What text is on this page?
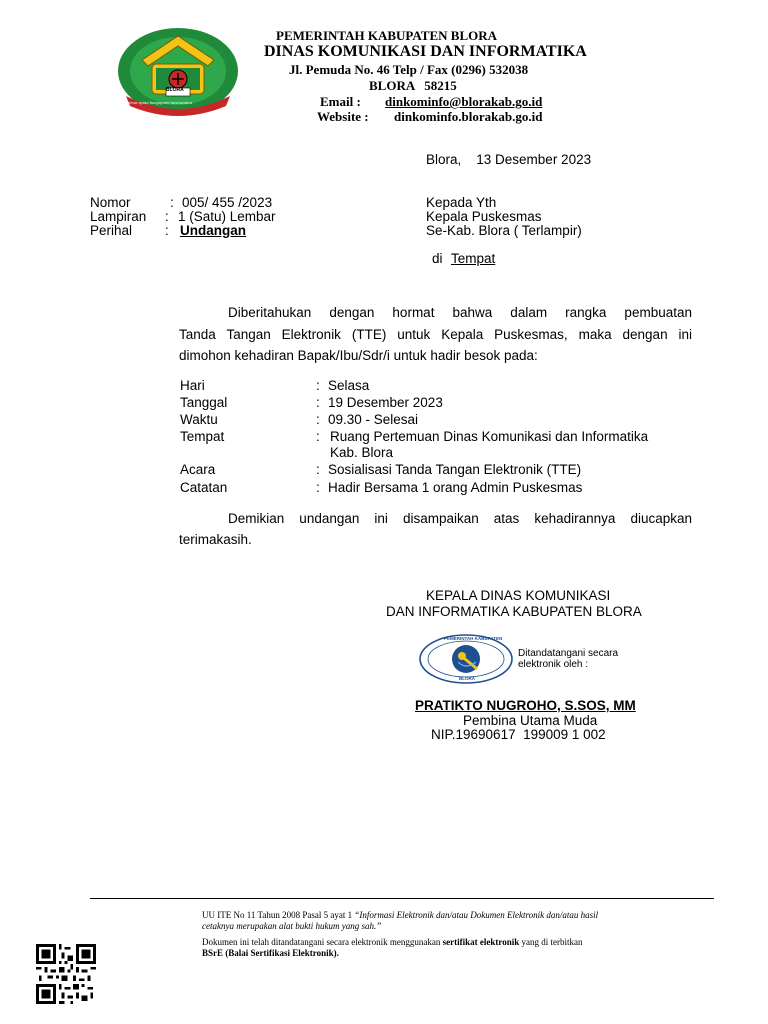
BLORA
Sarwa nyata hangayomi nuswantara
PEMERINTAH KABUPATEN BLORA
DINAS KOMUNIKASI DAN INFORMATIKA
Jl. Pemuda No. 46 Telp / Fax (0296) 532038
BLORA   58215
Email : dinkominfo@blorakab.go.id
Website : dinkominfo.blorakab.go.id
Blora,    13 Desember 2023
Nomor	: 005/ 455 /2023
Lampiran : 1 (Satu) Lembar
Perihal : Undangan
Kepada Yth
Kepala Puskesmas
Se-Kab. Blora ( Terlampir)
di Tempat
Diberitahukan dengan hormat bahwa dalam rangka pembuatan
Tanda Tangan Elektronik (TTE) untuk Kepala Puskesmas, maka dengan ini
dimohon kehadiran Bapak/Ibu/Sdr/i untuk hadir besok pada:
Hari	: Selasa
Tanggal	: 19 Desember 2023
Waktu	: 09.30 - Selesai
Tempat	: Ruang Pertemuan Dinas Komunikasi dan Informatika
Kab. Blora
Acara	: Sosialisasi Tanda Tangan Elektronik (TTE)
Catatan	: Hadir Bersama 1 orang Admin Puskesmas
Demikian undangan ini disampaikan atas kehadirannya diucapkan
terimakasih.
KEPALA DINAS KOMUNIKASI
DAN INFORMATIKA KABUPATEN BLORA
PEMERINTAH KABUPATEN
BLORA
Ditandatangani secara
elektronik oleh :
PRATIKTO NUGROHO, S.SOS, MM
Pembina Utama Muda
NIP.19690617  199009 1 002
UU ITE No 11 Tahun 2008 Pasal 5 ayat 1 “Informasi Elektronik dan/atau Dokumen Elektronik dan/atau hasil
cetaknya merupakan alat bukti hukum yang sah.”
Dokumen ini telah ditandatangani secara elektronik menggunakan sertifikat elektronik yang di terbitkan
BSrE (Balai Sertifikasi Elektronik).
